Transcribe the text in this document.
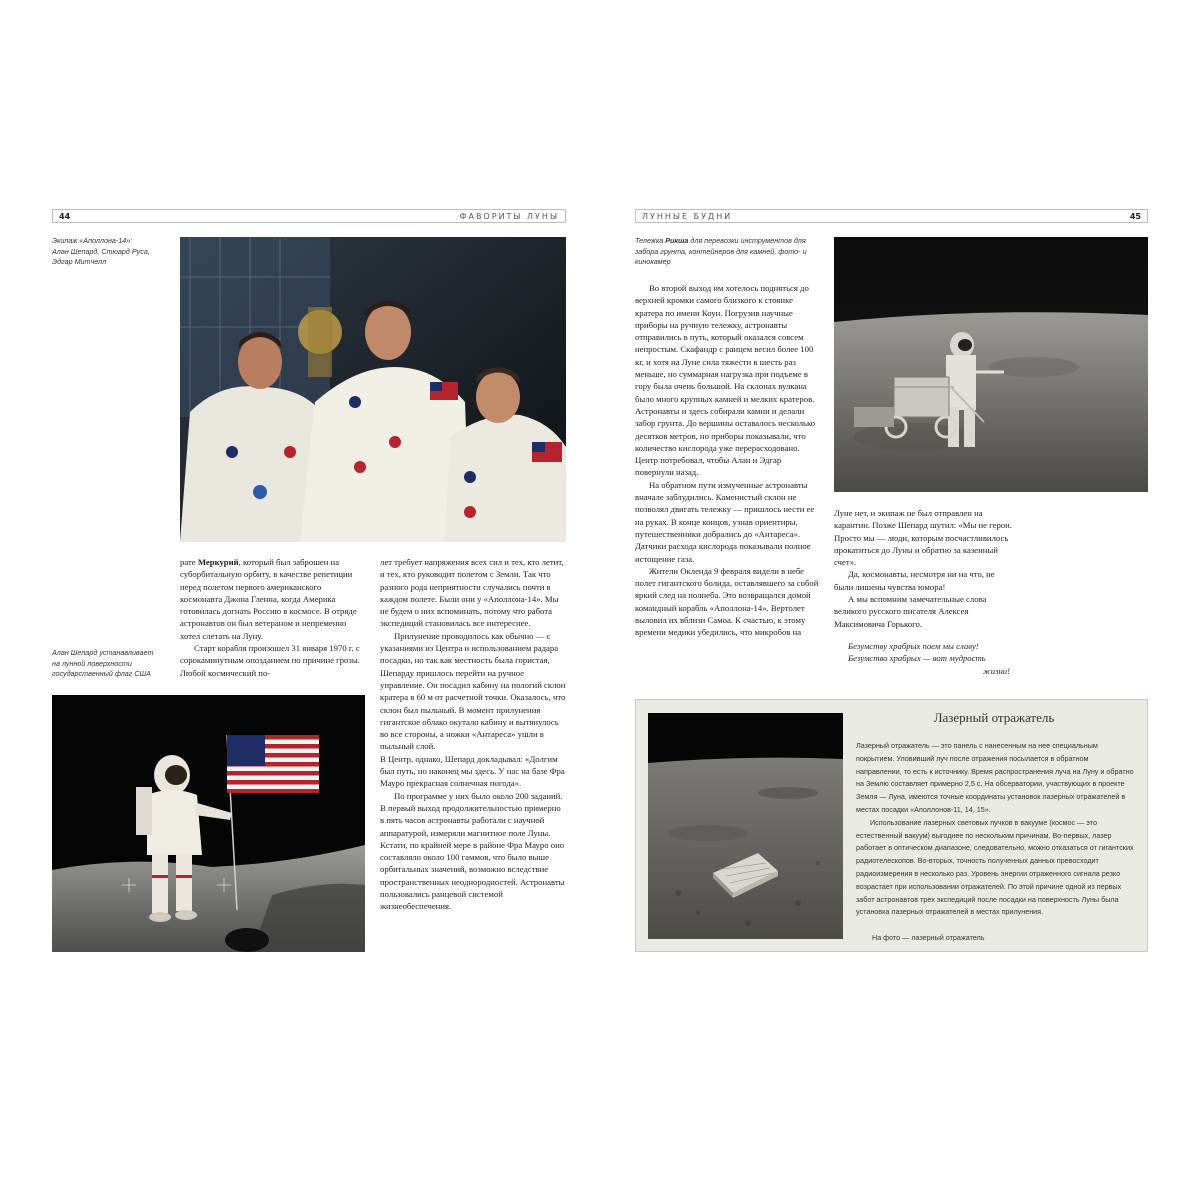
44	ФАВОРИТЫ ЛУНЫ
Экипаж «Аполлона-14»:
Алан Шепард, Стюард Руса,
Эдгар Митчелл
Алан Шепард устанавливает
на лунной поверхности
государственный флаг США

рате Меркурий, который был заброшен на суборбитальную орбиту, в качестве репетиции перед полетом первого американского космонавта Джона Гленна, когда Америка готовилась догнать Россию в космосе. В отряде астронавтов он был ветераном и непременно хотел слетать на Луну.

Старт корабля произошел 31 января 1970 г. с сорокаминутным опозданием по причине грозы. Любой космический по-

лет требует напряжения всех сил и тех, кто летит, и тех, кто руководит полетом с Земли. Так что разного рода неприятности случались почти в каждом полете. Были они у «Аполлона-14». Мы не будем о них вспоминать, потому что работа экспедиций становилась все интереснее.

Прилунение проводилось как обычно — с указаниями из Центра и использованием радара посадки, но так как местность была гористая, Шепарду пришлось перейти на ручное управление. Он посадил кабину на пологий склон кратера в 60 м от расчетной точки. Оказалось, что склон был пыльный. В момент прилунения гигантское облако окутало кабину и вытянулось во все стороны, а ножки «Антареса» ушли в пыльный слой.

В Центр, однако, Шепард докладывал: «Долгим был путь, но наконец мы здесь. У нас на базе Фра Мауро прекрасная солнечная погода».

По программе у них было около 200 заданий. В первый выход продолжительностью примерно в пять часов астронавты работали с научной аппаратурой, измеряли магнитное поле Луны. Кстати, по крайней мере в районе Фра Мауро оно составляло около 100 гаммов, что было выше орбитальных значений, возможно вследствие пространственных неоднородностей. Астронавты пользовались ранцевой системой жизнеобеспечения.

ЛУННЫЕ БУДНИ	45
Тележка Рикша для перевозки инструментов для забора грунта, контейнеров для камней, фото- и кинокамер

Во второй выход им хотелось подняться до верхней кромки самого близкого к стоянке кратера по имени Коун. Погрузив научные приборы на ручную тележку, астронавты отправились в путь, который оказался совсем непростым. Скафандр с ранцем весил более 100 кг, и хотя на Луне сила тяжести в шесть раз меньше, но суммарная нагрузка при подъеме в гору была очень большой. На склонах вулкана было много крупных камней и мелких кратеров. Астронавты и здесь собирали камни и делали забор грунта. До вершины оставалось несколько десятков метров, но приборы показывали, что количество кислорода уже перерасходовано. Центр потребовал, чтобы Алан и Эдгар повернули назад.

На обратном пути измученные астронавты вначале заблудились. Каменистый склон не позволял двигать тележку — пришлось нести ее на руках. В конце концов, узнав ориентиры, путешественники добрались до «Антареса». Датчики расхода кислорода показывали полное истощение газа.

Жители Окленда 9 февраля видели в небе полет гигантского болида, оставлявшего за собой яркий след на полнеба. Это возвращался домой командный корабль «Аполлона-14». Вертолет выловил их вблизи Самоа. К счастью, к этому времени медики убедились, что микробов на

Луне нет, и экипаж не был отправлен на карантин. Позже Шепард шутил: «Мы не герои. Просто мы — люди, которым посчастливилось прокатиться до Луны и обратно за казенный счет».

Да, космонавты, несмотря ни на что, не были лишены чувства юмора!

А мы вспомним замечательные слова великого русского писателя Алексея Максимовича Горького.

Безумству храбрых поем мы славу!
Безумство храбрых — вот мудрость
жизни!
Лазерный отражатель

Лазерный отражатель — это панель с нанесенным на нее специальным покрытием. Уловивший луч после отражения посылается в обратном направлении, то есть к источнику. Время распространения луча на Луну и обратно на Землю составляет примерно 2,5 с. На обсерватории, участвующих в проекте Земля — Луна, имеются точные координаты установок лазерных отражателей в местах посадки «Аполлонов-11, 14, 15».

Использование лазерных световых пучков в вакууме (космос — это естественный вакуум) выгоднее по нескольким причинам. Во-первых, лазер работает в оптическом диапазоне, следовательно, можно отказаться от гигантских радиотелескопов. Во-вторых, точность полученных данных превосходит радиоизмерения в несколько раз. Уровень энергии отраженного сигнала резко возрастает при использовании отражателей. По этой причине одной из первых забот астронавтов трех экспедиций после посадки на поверхность Луны была установка лазерных отражателей в местах прилунения.

На фото — лазерный отражатель
